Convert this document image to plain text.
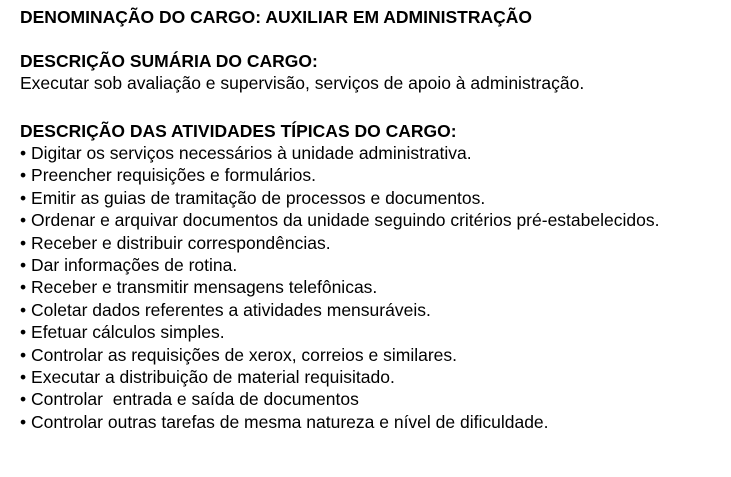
DENOMINAÇÃO DO CARGO: AUXILIAR EM ADMINISTRAÇÃO

DESCRIÇÃO SUMÁRIA DO CARGO:

Executar sob avaliação e supervisão, serviços de apoio à administração.

DESCRIÇÃO DAS ATIVIDADES TÍPICAS DO CARGO:

• Digitar os serviços necessários à unidade administrativa.
• Preencher requisições e formulários.
• Emitir as guias de tramitação de processos e documentos.
• Ordenar e arquivar documentos da unidade seguindo critérios pré-estabelecidos.
• Receber e distribuir correspondências.
• Dar informações de rotina.
• Receber e transmitir mensagens telefônicas.
• Coletar dados referentes a atividades mensuráveis.
• Efetuar cálculos simples.
• Controlar as requisições de xerox, correios e similares.
• Executar a distribuição de material requisitado.
• Controlar  entrada e saída de documentos
• Controlar outras tarefas de mesma natureza e nível de dificuldade.
